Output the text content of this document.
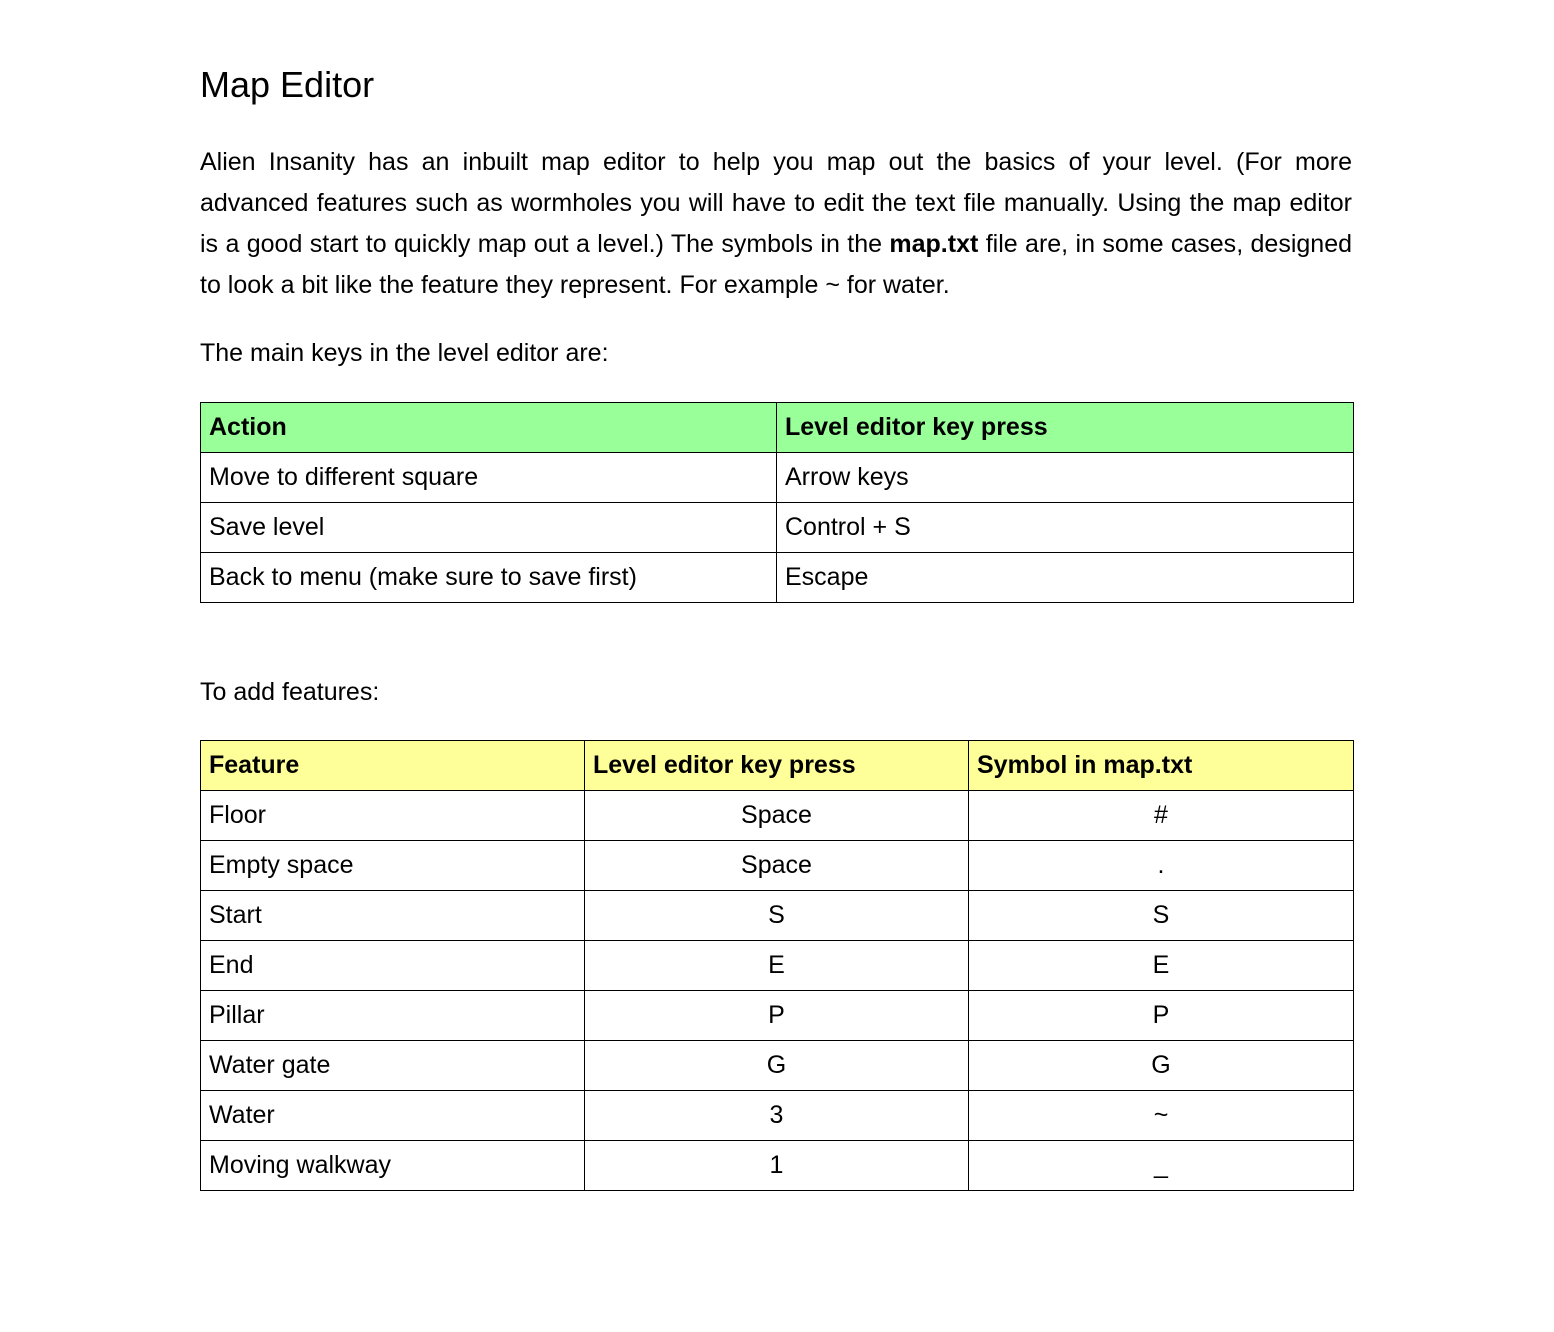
Map Editor

Alien Insanity has an inbuilt map editor to help you map out the basics of your level. (For more advanced features such as wormholes you will have to edit the text file manually. Using the map editor is a good start to quickly map out a level.) The symbols in the map.txt file are, in some cases, designed to look a bit like the feature they represent. For example ~ for water.

The main keys in the level editor are:
Action	Level editor key press
Move to different square	Arrow keys
Save level	Control + S
Back to menu (make sure to save first)	Escape
To add features:
Feature	Level editor key press	Symbol in map.txt
Floor	Space	#
Empty space	Space	.
Start	S	S
End	E	E
Pillar	P	P
Water gate	G	G
Water	3	~
Moving walkway	1	_
